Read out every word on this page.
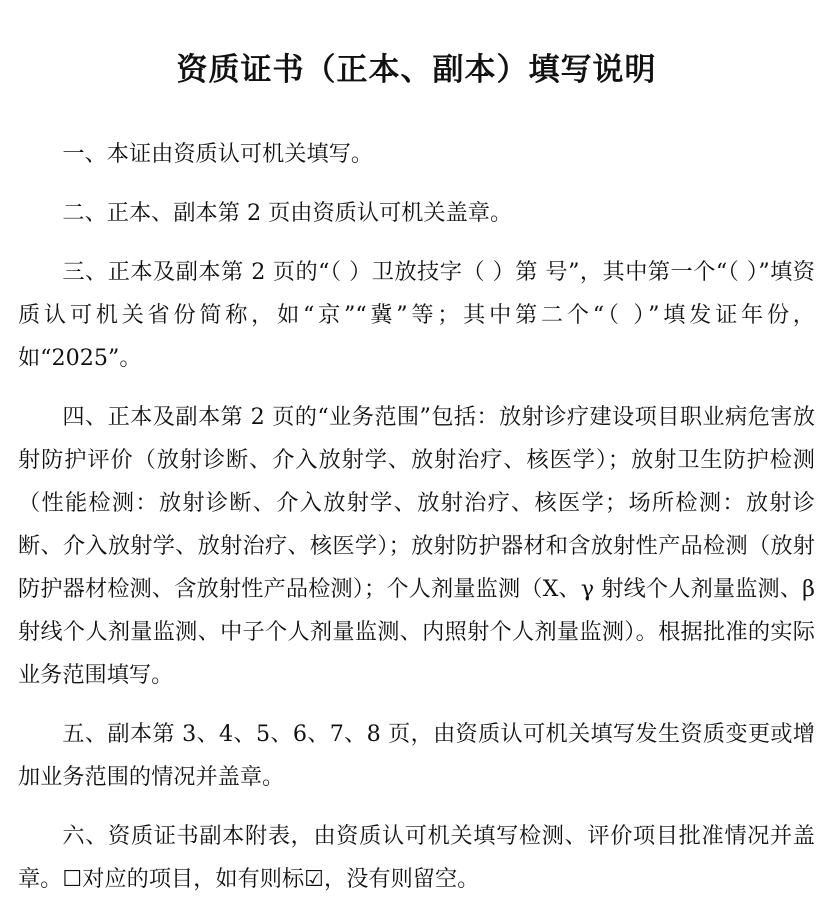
资质证书（正本、副本）填写说明

一、本证由资质认可机关填写。

二、正本、副本第 2 页由资质认可机关盖章。

三、正本及副本第 2 页的“（ ）卫放技字（ ）第 号”，其中第一个“（ ）”填资质认可机关省份简称，如“京”“冀”等；其中第二个“（ ）”填发证年份，如“2025”。

四、正本及副本第 2 页的“业务范围”包括：放射诊疗建设项目职业病危害放射防护评价（放射诊断、介入放射学、放射治疗、核医学）；放射卫生防护检测（性能检测：放射诊断、介入放射学、放射治疗、核医学；场所检测：放射诊断、介入放射学、放射治疗、核医学）；放射防护器材和含放射性产品检测（放射防护器材检测、含放射性产品检测）；个人剂量监测（X、γ 射线个人剂量监测、β 射线个人剂量监测、中子个人剂量监测、内照射个人剂量监测）。根据批准的实际业务范围填写。

五、副本第 3、4、5、6、7、8 页，由资质认可机关填写发生资质变更或增加业务范围的情况并盖章。

六、资质证书副本附表，由资质认可机关填写检测、评价项目批准情况并盖章。☐对应的项目，如有则标☑，没有则留空。
